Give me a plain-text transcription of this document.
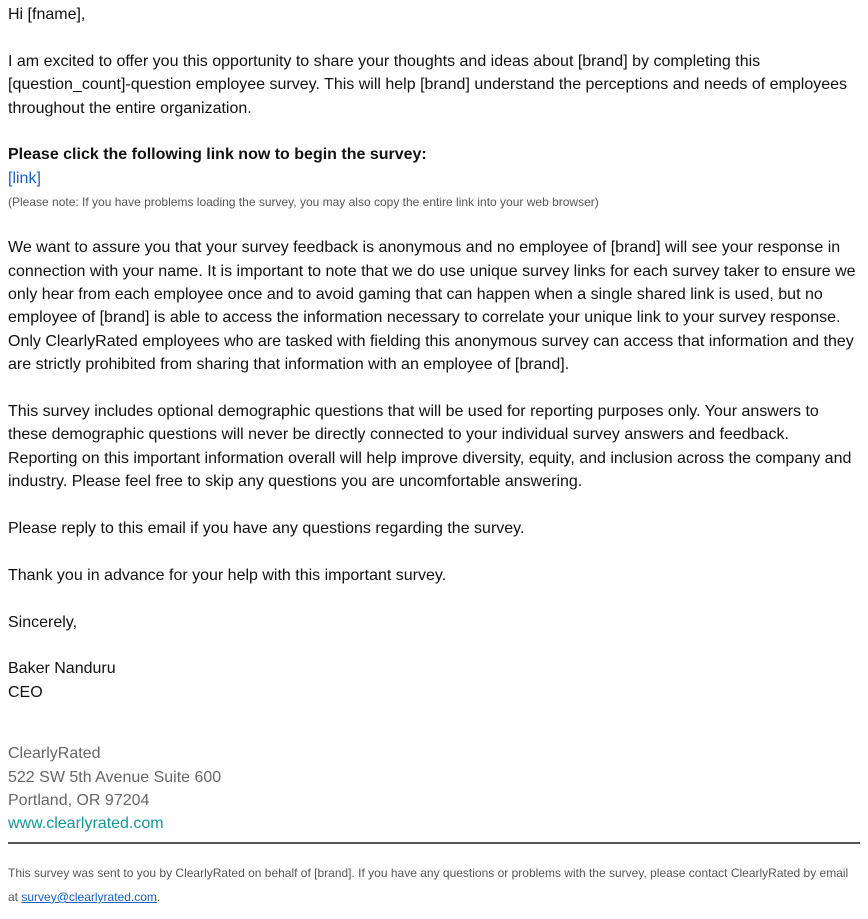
Hi [fname],

I am excited to offer you this opportunity to share your thoughts and ideas about [brand] by completing this [question_count]-question employee survey. This will help [brand] understand the perceptions and needs of employees throughout the entire organization.

Please click the following link now to begin the survey:

[link]

(Please note: If you have problems loading the survey, you may also copy the entire link into your web browser)

We want to assure you that your survey feedback is anonymous and no employee of [brand] will see your response in connection with your name. It is important to note that we do use unique survey links for each survey taker to ensure we only hear from each employee once and to avoid gaming that can happen when a single shared link is used, but no employee of [brand] is able to access the information necessary to correlate your unique link to your survey response. Only ClearlyRated employees who are tasked with fielding this anonymous survey can access that information and they are strictly prohibited from sharing that information with an employee of [brand].

This survey includes optional demographic questions that will be used for reporting purposes only. Your answers to these demographic questions will never be directly connected to your individual survey answers and feedback. Reporting on this important information overall will help improve diversity, equity, and inclusion across the company and industry. Please feel free to skip any questions you are uncomfortable answering.

Please reply to this email if you have any questions regarding the survey.

Thank you in advance for your help with this important survey.

Sincerely,

Baker Nanduru

CEO

ClearlyRated

522 SW 5th Avenue Suite 600

Portland, OR 97204

www.clearlyrated.com

This survey was sent to you by ClearlyRated on behalf of [brand]. If you have any questions or problems with the survey, please contact ClearlyRated by email at survey@clearlyrated.com.
